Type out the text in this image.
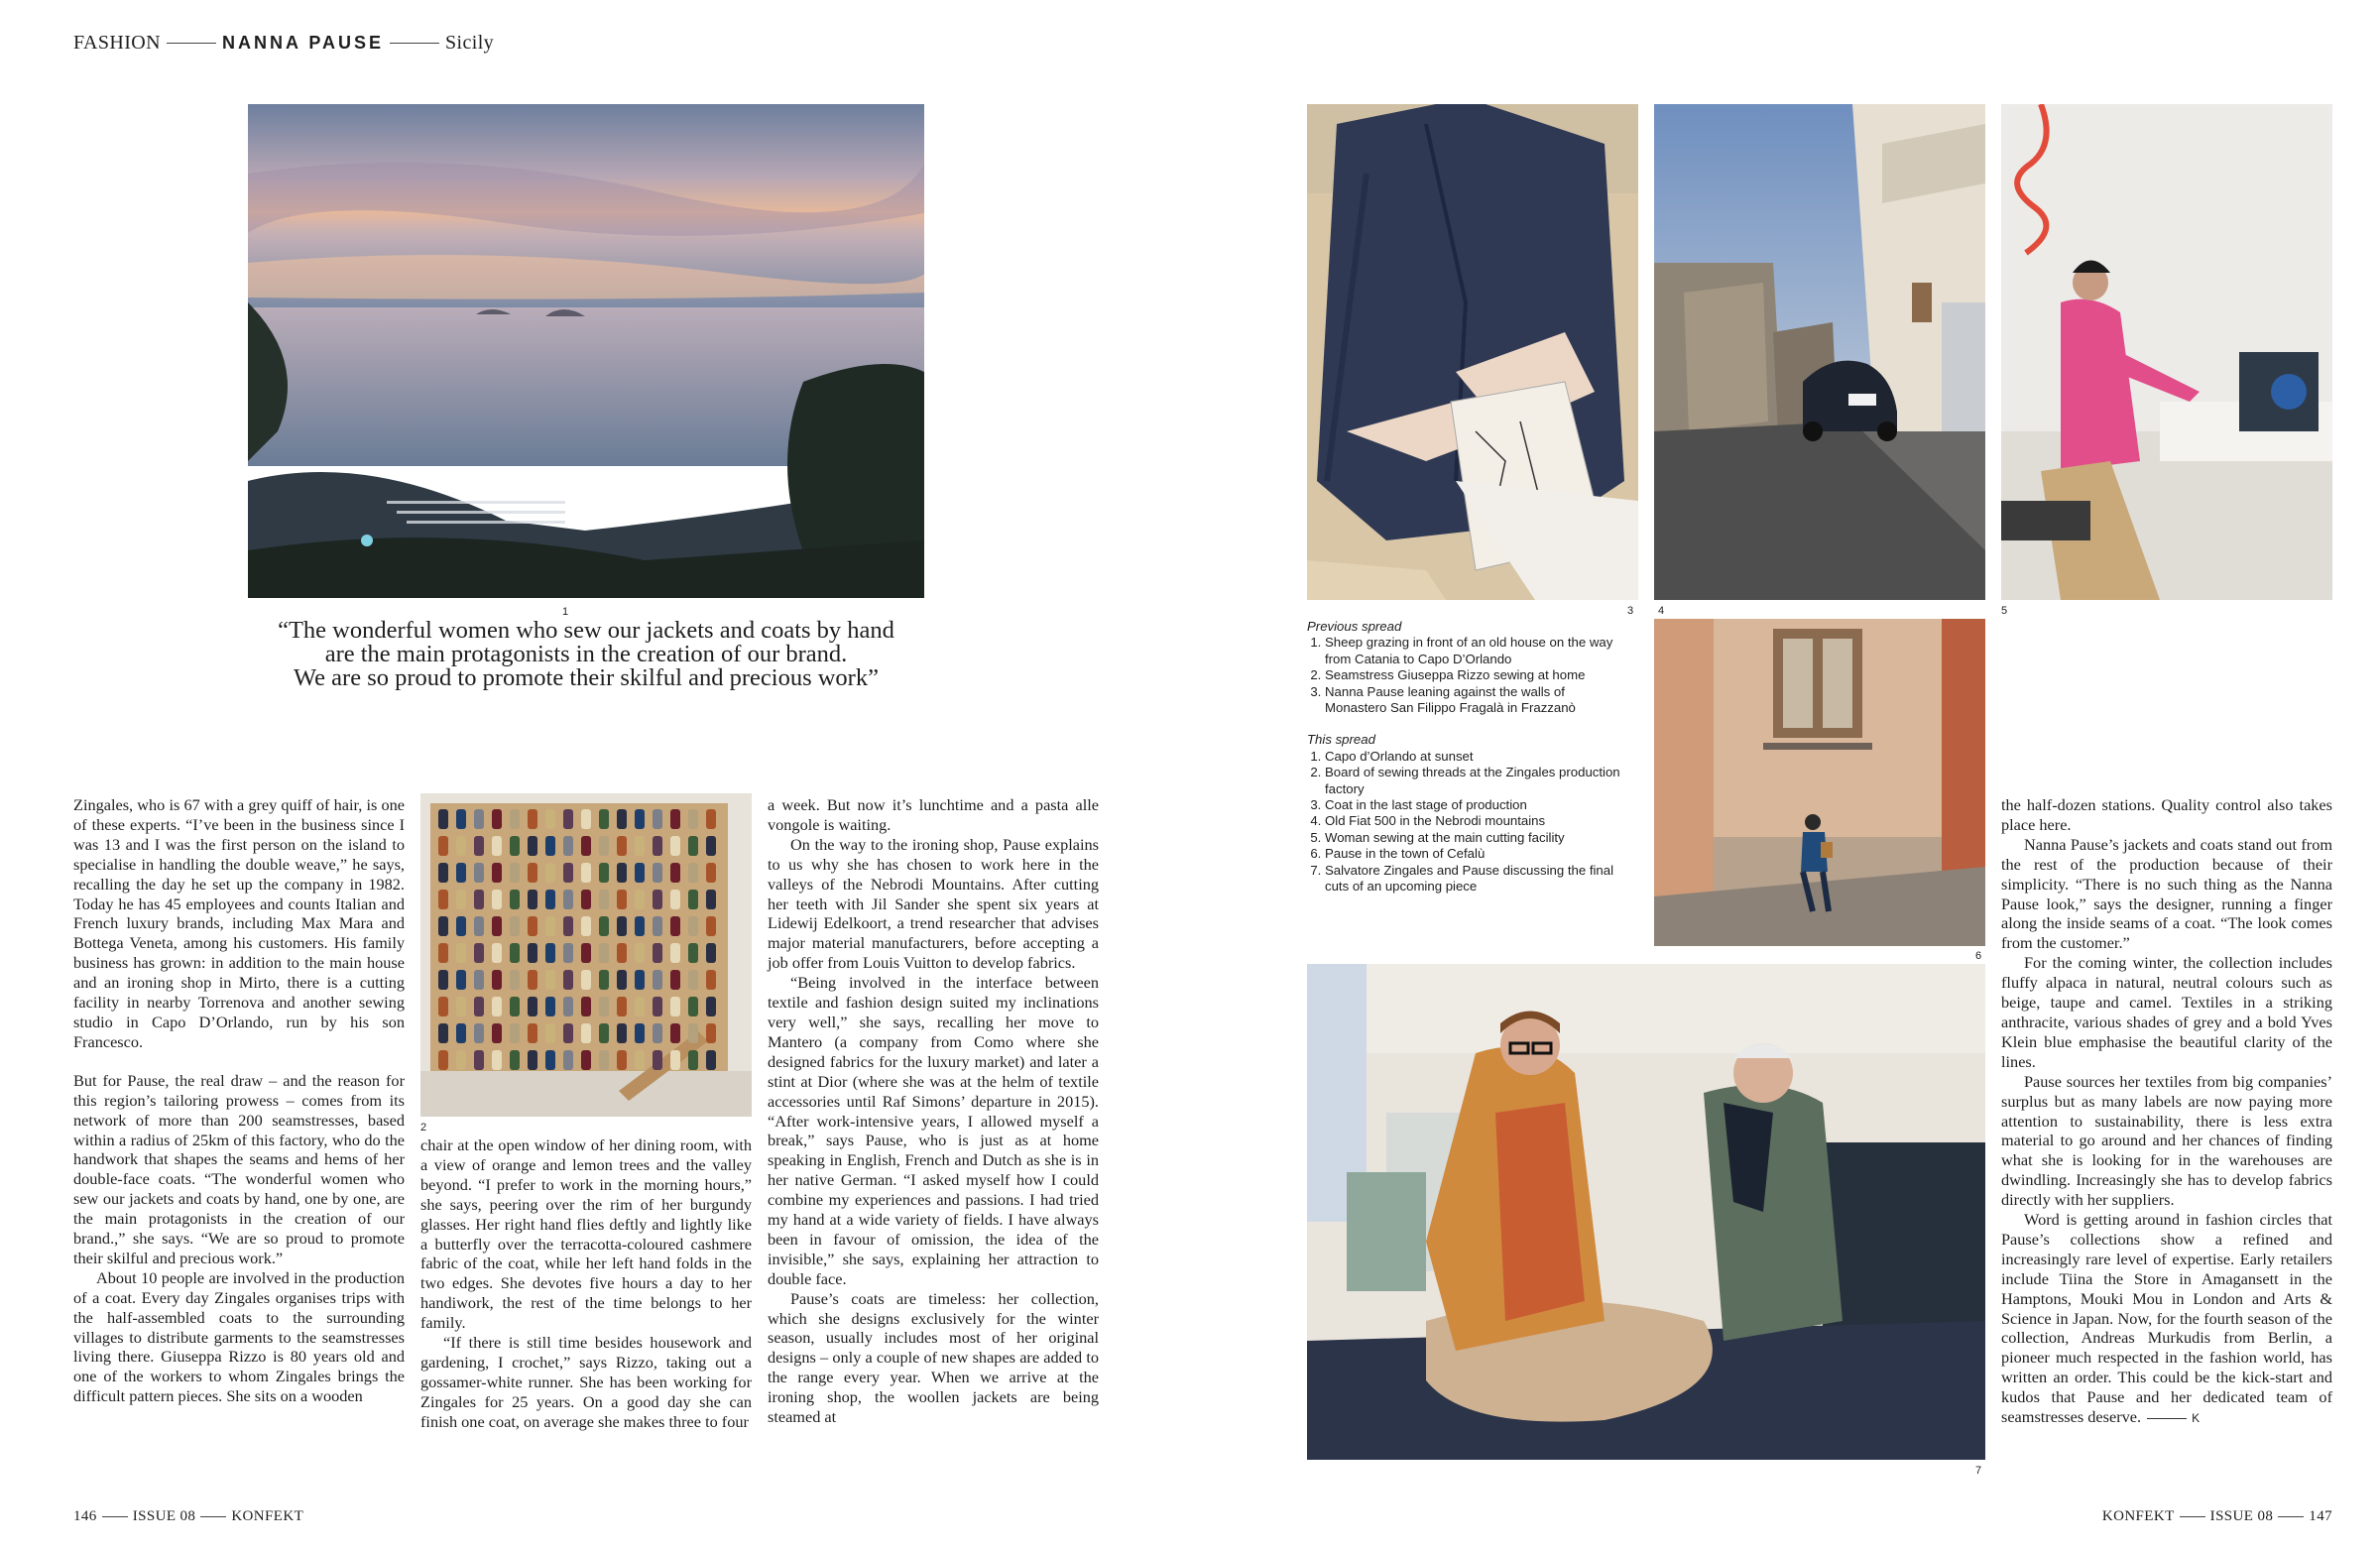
FASHION	NANNA PAUSE	Sicily
1
“The wonderful women who sew our jackets and coats by hand
are the main protagonists in the creation of our brand.
We are so proud to promote their skilful and precious work”

Zingales, who is 67 with a grey quiff of hair, is one of these experts. “I’ve been in the business since I was 13 and I was the first person on the island to specialise in handling the double weave,” he says, recalling the day he set up the company in 1982. Today he has 45 employees and counts Italian and French luxury brands, including Max Mara and Bottega Veneta, among his customers. His family business has grown: in addition to the main house and an ironing shop in Mirto, there is a cutting facility in nearby Torrenova and another sewing studio in Capo D’Orlando, run by his son Francesco.

But for Pause, the real draw – and the reason for this region’s tailoring prowess – comes from its network of more than 200 seamstresses, based within a radius of 25km of this factory, who do the handwork that shapes the seams and hems of her double-face coats. “The wonderful women who sew our jackets and coats by hand, one by one, are the main protagonists in the creation of our brand.,” she says. “We are so proud to promote their skilful and precious work.”

About 10 people are involved in the production of a coat. Every day Zingales organises trips with the half-assembled coats to the surrounding villages to distribute garments to the seamstresses living there. Giuseppa Rizzo is 80 years old and one of the workers to whom Zingales brings the difficult pattern pieces. She sits on a wooden

2

chair at the open window of her dining room, with a view of orange and lemon trees and the valley beyond. “I prefer to work in the morning hours,” she says, peering over the rim of her burgundy glasses. Her right hand flies deftly and lightly like a butterfly over the terracotta-coloured cashmere fabric of the coat, while her left hand folds in the two edges. She devotes five hours a day to her handiwork, the rest of the time belongs to her family.

“If there is still time besides housework and gardening, I crochet,” says Rizzo, taking out a gossamer-white runner. She has been working for Zingales for 25 years. On a good day she can finish one coat, on average she makes three to four

a week. But now it’s lunchtime and a pasta alle vongole is waiting.

On the way to the ironing shop, Pause explains to us why she has chosen to work here in the valleys of the Nebrodi Mountains. After cutting her teeth with Jil Sander she spent six years at Lidewij Edelkoort, a trend researcher that advises major material manufacturers, before accepting a job offer from Louis Vuitton to develop fabrics.

“Being involved in the interface between textile and fashion design suited my inclinations very well,” she says, recalling her move to Mantero (a company from Como where she designed fabrics for the luxury market) and later a stint at Dior (where she was at the helm of textile accessories until Raf Simons’ departure in 2015). “After work-intensive years, I allowed myself a break,” says Pause, who is just as at home speaking in English, French and Dutch as she is in her native German. “I asked myself how I could combine my experiences and passions. I had tried my hand at a wide variety of fields. I have always been in favour of omission, the idea of the invisible,” she says, explaining her attraction to double face.

Pause’s coats are timeless: her collection, which she designs exclusively for the winter season, usually includes most of her original designs – only a couple of new shapes are added to the range every year. When we arrive at the ironing shop, the woollen jackets are being steamed at

146 ISSUE 08 KONFEKT
3 4	5
Previous spread
1. Sheep grazing in front of an old house on the way from Catania to Capo D’Orlando
2. Seamstress Giuseppa Rizzo sewing at home
3. Nanna Pause leaning against the walls of Monastero San Filippo Fragalà in Frazzanò
This spread
1. Capo d’Orlando at sunset
2. Board of sewing threads at the Zingales production factory
3. Coat in the last stage of production
4. Old Fiat 500 in the Nebrodi mountains
5. Woman sewing at the main cutting facility
6. Pause in the town of Cefalù
7. Salvatore Zingales and Pause discussing the final cuts of an upcoming piece
6
7

the half-dozen stations. Quality control also takes place here.

Nanna Pause’s jackets and coats stand out from the rest of the production because of their simplicity. “There is no such thing as the Nanna Pause look,” says the designer, running a finger along the inside seams of a coat. “The look comes from the customer.”

For the coming winter, the collection includes fluffy alpaca in natural, neutral colours such as beige, taupe and camel. Textiles in a striking anthracite, various shades of grey and a bold Yves Klein blue emphasise the beautiful clarity of the lines.

Pause sources her textiles from big companies’ surplus but as many labels are now paying more attention to sustainability, there is less extra material to go around and her chances of finding what she is looking for in the warehouses are dwindling. Increasingly she has to develop fabrics directly with her suppliers.

Word is getting around in fashion circles that Pause’s collections show a refined and increasingly rare level of expertise. Early retailers include Tiina the Store in Amagansett in the Hamptons, Mouki Mou in London and Arts & Science in Japan. Now, for the fourth season of the collection, Andreas Murkudis from Berlin, a pioneer much respected in the fashion world, has written an order. This could be the kick-start and kudos that Pause and her dedicated team of seamstresses deserve.	K

KONFEKT ISSUE 08 147
